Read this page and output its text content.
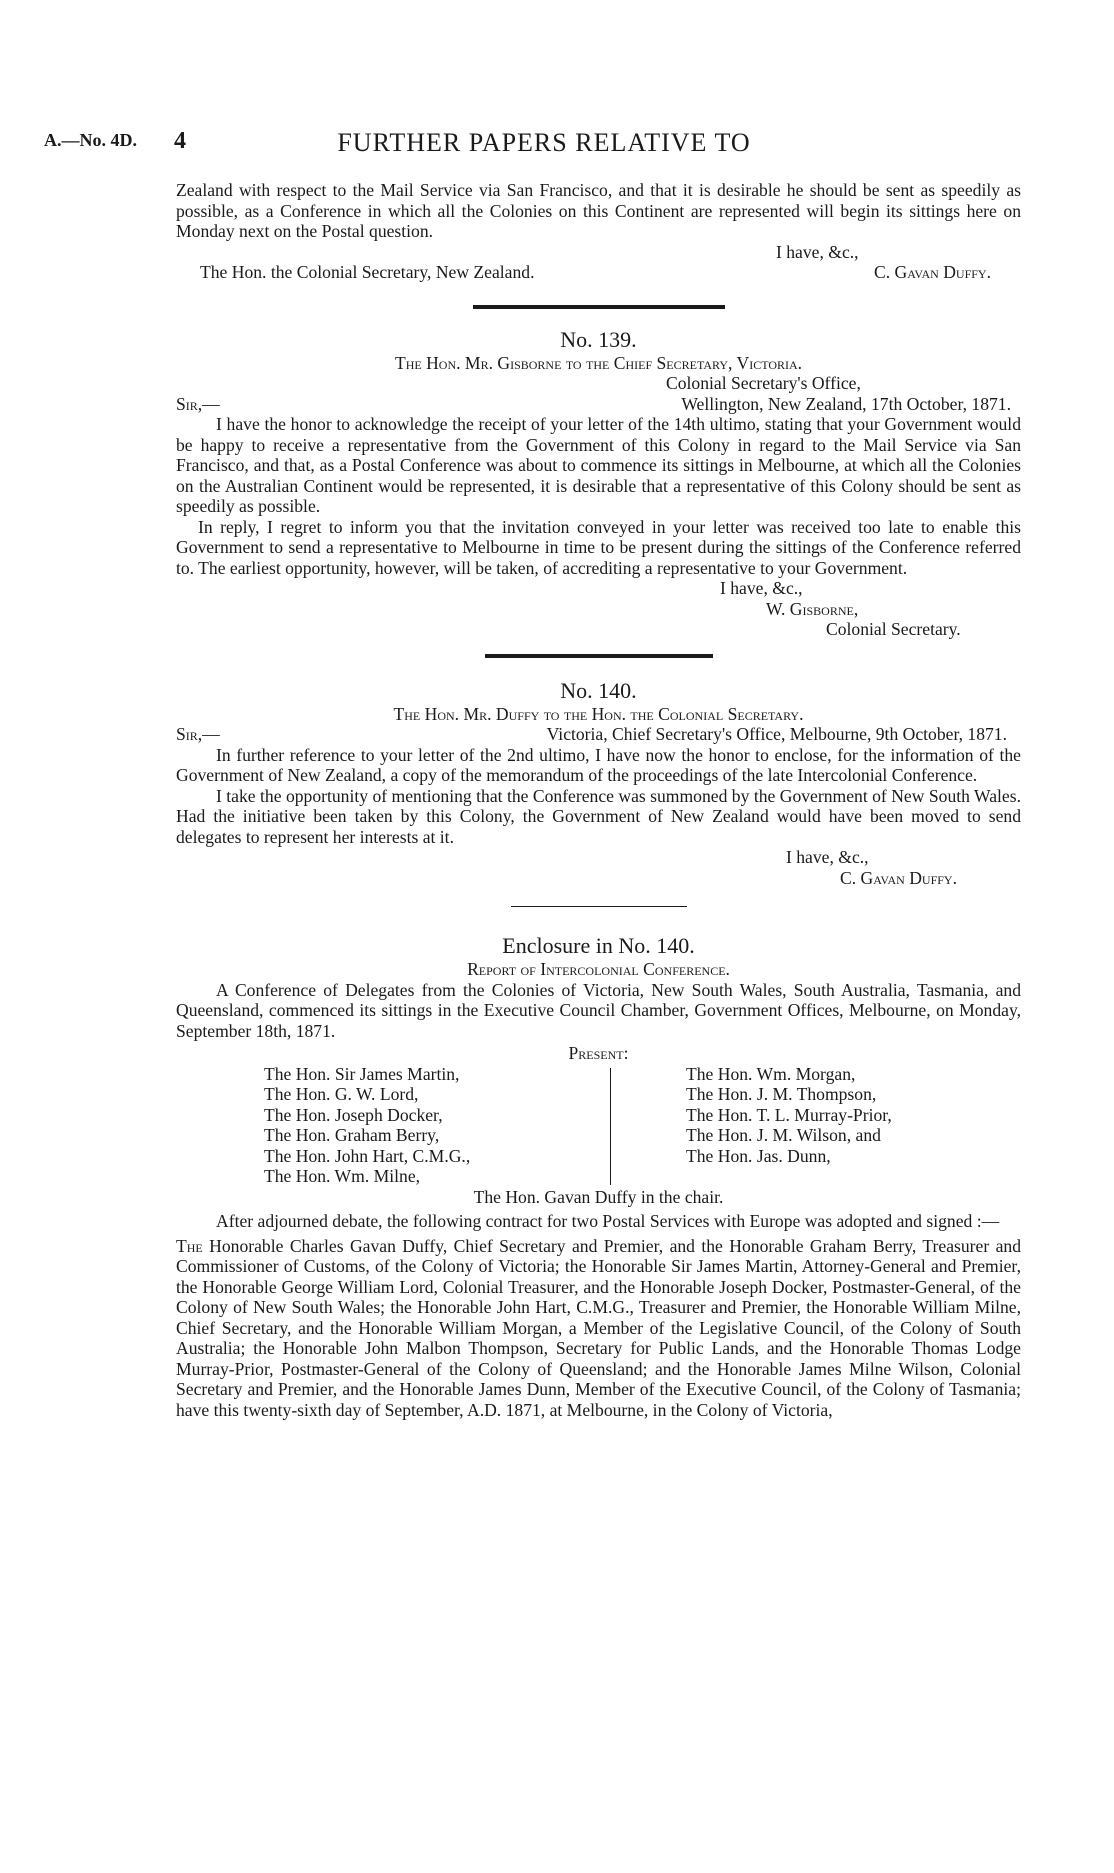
A.—No. 4D. 4	FURTHER PAPERS RELATIVE TO

Zealand with respect to the Mail Service via San Francisco, and that it is desirable he should be sent as speedily as possible, as a Conference in which all the Colonies on this Continent are represented will begin its sittings here on Monday next on the Postal question.

I have, &c.,

The Hon. the Colonial Secretary, New Zealand.	C. Gavan Duffy.
No. 139.
The Hon. Mr. Gisborne to the Chief Secretary, Victoria.

Colonial Secretary's Office,

Sir,—	Wellington, New Zealand, 17th October, 1871.

I have the honor to acknowledge the receipt of your letter of the 14th ultimo, stating that your Government would be happy to receive a representative from the Government of this Colony in regard to the Mail Service via San Francisco, and that, as a Postal Conference was about to commence its sittings in Melbourne, at which all the Colonies on the Australian Continent would be represented, it is desirable that a representative of this Colony should be sent as speedily as possible.

In reply, I regret to inform you that the invitation conveyed in your letter was received too late to enable this Government to send a representative to Melbourne in time to be present during the sittings of the Conference referred to. The earliest opportunity, however, will be taken, of accrediting a representative to your Government.

I have, &c.,

W. Gisborne,

Colonial Secretary.

No. 140.
The Hon. Mr. Duffy to the Hon. the Colonial Secretary.
Sir,—	Victoria, Chief Secretary's Office, Melbourne, 9th October, 1871.

In further reference to your letter of the 2nd ultimo, I have now the honor to enclose, for the information of the Government of New Zealand, a copy of the memorandum of the proceedings of the late Intercolonial Conference.

I take the opportunity of mentioning that the Conference was summoned by the Government of New South Wales. Had the initiative been taken by this Colony, the Government of New Zealand would have been moved to send delegates to represent her interests at it.

I have, &c.,

C. Gavan Duffy.

Enclosure in No. 140.
Report of Intercolonial Conference.

A Conference of Delegates from the Colonies of Victoria, New South Wales, South Australia, Tasmania, and Queensland, commenced its sittings in the Executive Council Chamber, Government Offices, Melbourne, on Monday, September 18th, 1871.

Present:
The Hon. Sir James Martin,
The Hon. G. W. Lord,
The Hon. Joseph Docker,
The Hon. Graham Berry,
The Hon. John Hart, C.M.G.,
The Hon. Wm. Milne,
The Hon. Wm. Morgan,
The Hon. J. M. Thompson,
The Hon. T. L. Murray-Prior,
The Hon. J. M. Wilson, and
The Hon. Jas. Dunn,
The Hon. Gavan Duffy in the chair.

After adjourned debate, the following contract for two Postal Services with Europe was adopted and signed :—

The Honorable Charles Gavan Duffy, Chief Secretary and Premier, and the Honorable Graham Berry, Treasurer and Commissioner of Customs, of the Colony of Victoria; the Honorable Sir James Martin, Attorney-General and Premier, the Honorable George William Lord, Colonial Treasurer, and the Honorable Joseph Docker, Postmaster-General, of the Colony of New South Wales; the Honorable John Hart, C.M.G., Treasurer and Premier, the Honorable William Milne, Chief Secretary, and the Honorable William Morgan, a Member of the Legislative Council, of the Colony of South Australia; the Honorable John Malbon Thompson, Secretary for Public Lands, and the Honorable Thomas Lodge Murray-Prior, Postmaster-General of the Colony of Queensland; and the Honorable James Milne Wilson, Colonial Secretary and Premier, and the Honorable James Dunn, Member of the Executive Council, of the Colony of Tasmania; have this twenty-sixth day of September, A.D. 1871, at Melbourne, in the Colony of Victoria,
